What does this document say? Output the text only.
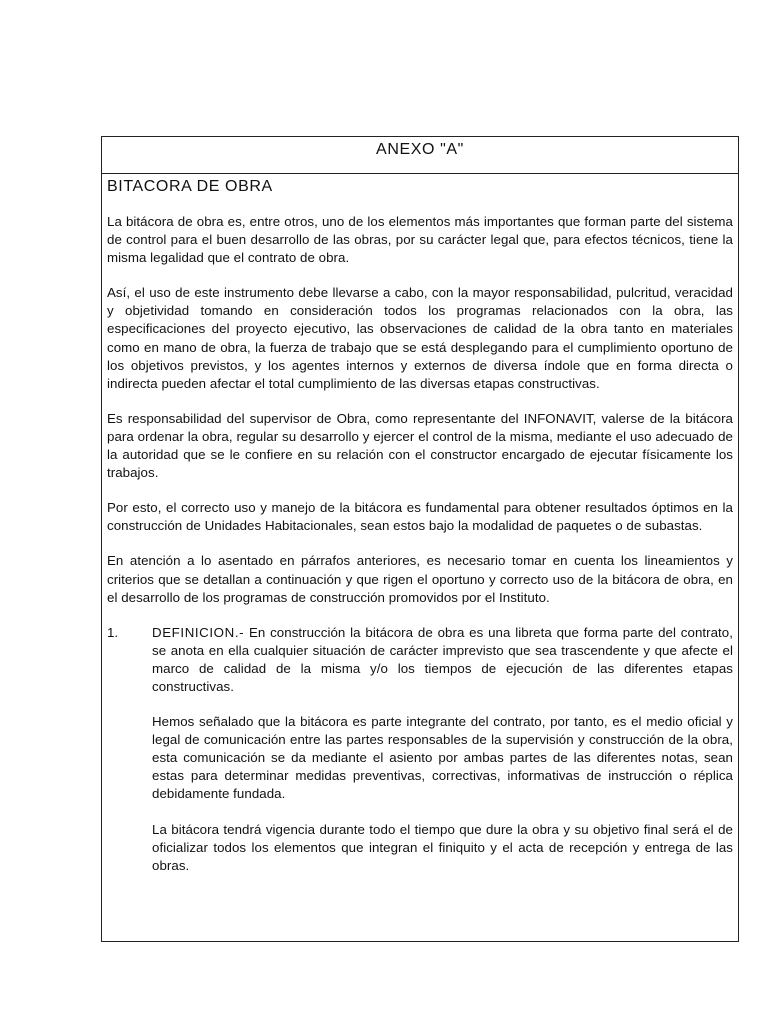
ANEXO "A"
BITACORA DE OBRA

La bitácora de obra es, entre otros, uno de los elementos más importantes que forman parte del sistema de control para el buen desarrollo de las obras, por su carácter legal que, para efectos técnicos, tiene la misma legalidad que el contrato de obra.

Así, el uso de este instrumento debe llevarse a cabo, con la mayor responsabilidad, pulcritud, veracidad y objetividad tomando en consideración todos los programas relacionados con la obra, las especificaciones del proyecto ejecutivo, las observaciones de calidad de la obra tanto en materiales como en mano de obra, la fuerza de trabajo que se está desplegando para el cumplimiento oportuno de los objetivos previstos, y los agentes internos y externos de diversa índole que en forma directa o indirecta pueden afectar el total cumplimiento de las diversas etapas constructivas.

Es responsabilidad del supervisor de Obra, como representante del INFONAVIT, valerse de la bitácora para ordenar la obra, regular su desarrollo y ejercer el control de la misma, mediante el uso adecuado de la autoridad que se le confiere en su relación con el constructor encargado de ejecutar físicamente los trabajos.

Por esto, el correcto uso y manejo de la bitácora es fundamental para obtener resultados óptimos en la construcción de Unidades Habitacionales, sean estos bajo la modalidad de paquetes o de subastas.

En atención a lo asentado en párrafos anteriores, es necesario tomar en cuenta los lineamientos y criterios que se detallan a continuación y que rigen el oportuno y correcto uso de la bitácora de obra, en el desarrollo de los programas de construcción promovidos por el Instituto.

1.	DEFINICION.- En construcción la bitácora de obra es una libreta que forma parte del contrato, se anota en ella cualquier situación de carácter imprevisto que sea trascendente y que afecte el marco de calidad de la misma y/o los tiempos de ejecución de las diferentes etapas constructivas.

Hemos señalado que la bitácora es parte integrante del contrato, por tanto, es el medio oficial y legal de comunicación entre las partes responsables de la supervisión y construcción de la obra, esta comunicación se da mediante el asiento por ambas partes de las diferentes notas, sean estas para determinar medidas preventivas, correctivas, informativas de instrucción o réplica debidamente fundada.

La bitácora tendrá vigencia durante todo el tiempo que dure la obra y su objetivo final será el de oficializar todos los elementos que integran el finiquito y el acta de recepción y entrega de las obras.
